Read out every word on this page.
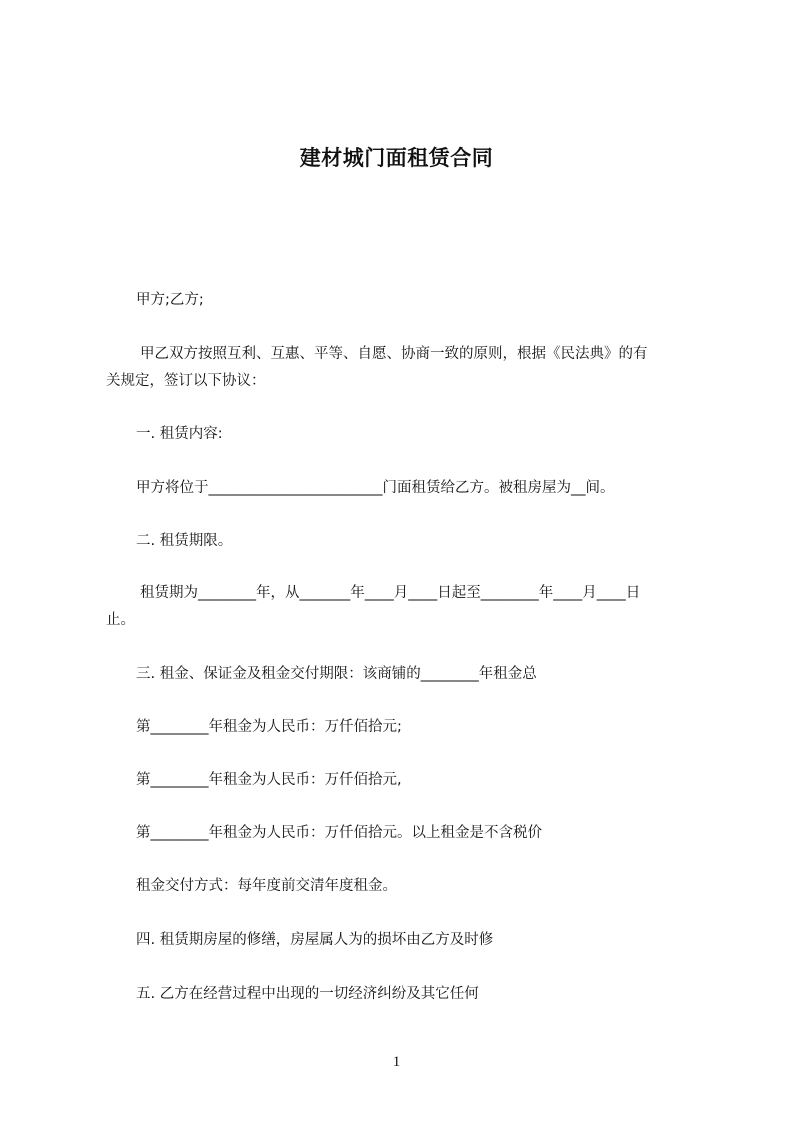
建材城门面租赁合同
甲方;乙方;
甲乙双方按照互利、互惠、平等、自愿、协商一致的原则，根据《民法典》的有
关规定，签订以下协议：
一. 租赁内容:
甲方将位于________________________门面租赁给乙方。被租房屋为__间。
二. 租赁期限。
租赁期为________年，从_______年____月____日起至________年____月____日
止。
三. 租金、保证金及租金交付期限：该商铺的________年租金总
第________年租金为人民币：万仟佰拾元;
第________年租金为人民币：万仟佰拾元,
第________年租金为人民币：万仟佰拾元。以上租金是不含税价
租金交付方式：每年度前交清年度租金。
四. 租赁期房屋的修缮，房屋属人为的损坏由乙方及时修
五. 乙方在经营过程中出现的一切经济纠纷及其它任何
1
